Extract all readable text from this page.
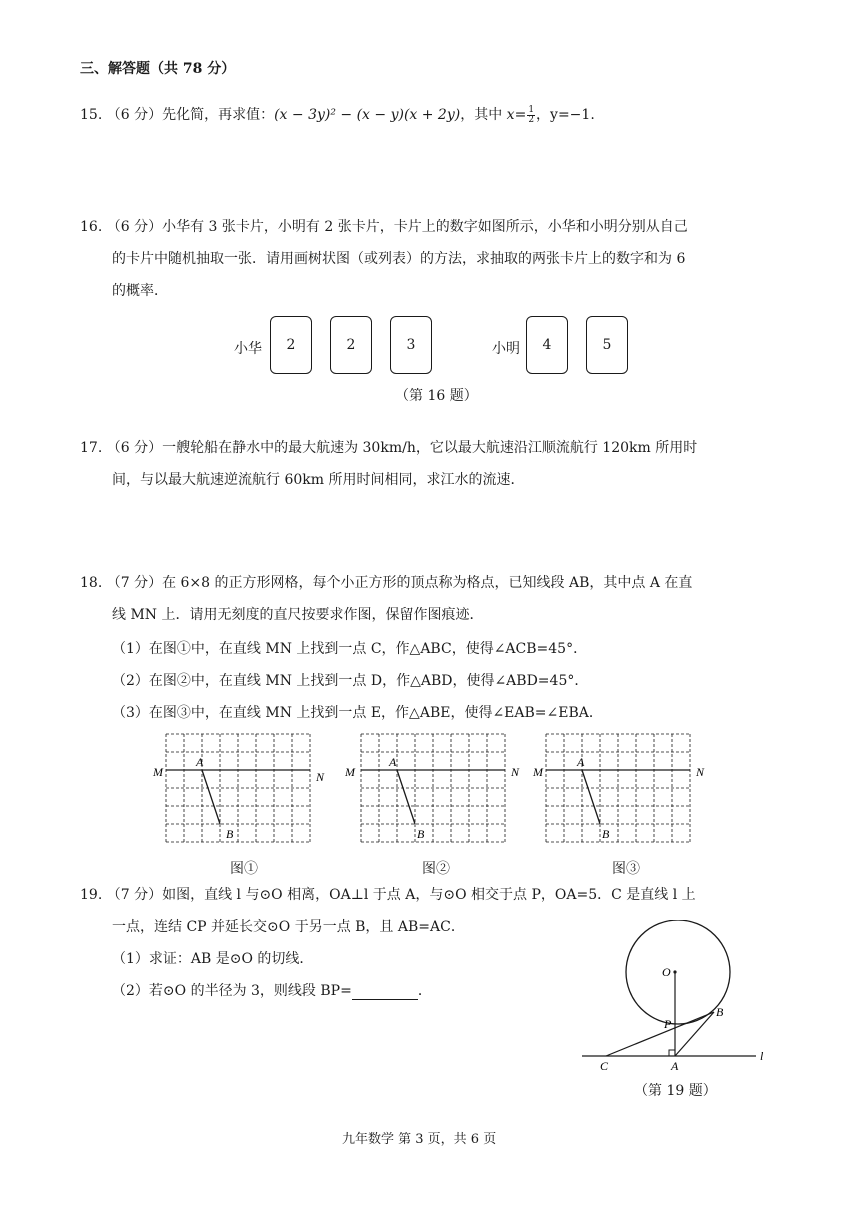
三、解答题（共 78 分）
15. （6 分）先化简，再求值：(x − 3y)² − (x − y)(x + 2y)，其中 $x= \frac{1}{2}$ ，y=−1.
16. （6 分）小华有 3 张卡片，小明有 2 张卡片，卡片上的数字如图所示，小华和小明分别从自己
的卡片中随机抽取一张．请用画树状图（或列表）的方法，求抽取的两张卡片上的数字和为 6
的概率．
小华	2	2	3	小明	4	5
（第 16 题）
17. （6 分）一艘轮船在静水中的最大航速为 30km/h，它以最大航速沿江顺流航行 120km 所用时
间，与以最大航速逆流航行 60km 所用时间相同，求江水的流速．
18. （7 分）在 6×8 的正方形网格，每个小正方形的顶点称为格点，已知线段 AB，其中点 A 在直
线 MN 上．请用无刻度的直尺按要求作图，保留作图痕迹．
（1）在图①中，在直线 MN 上找到一点 C，作△ABC，使得∠ACB=45°．
（2）在图②中，在直线 MN 上找到一点 D，作△ABD，使得∠ABD=45°．
（3）在图③中，在直线 MN 上找到一点 E，作△ABE，使得∠EAB=∠EBA．
M	N
A
B
M	N
A
B
M	N
A
B
图①	图②	图③
19. （7 分）如图，直线 l 与⊙O 相离，OA⊥l 于点 A，与⊙O 相交于点 P，OA=5．C 是直线 l 上
一点，连结 CP 并延长交⊙O 于另一点 B，且 AB=AC．
（1）求证：AB 是⊙O 的切线．
（2）若⊙O 的半径为 3，则线段 BP=	．
O
P
B
C	A
l
（第 19 题）
九年数学 第 3 页，共 6 页
